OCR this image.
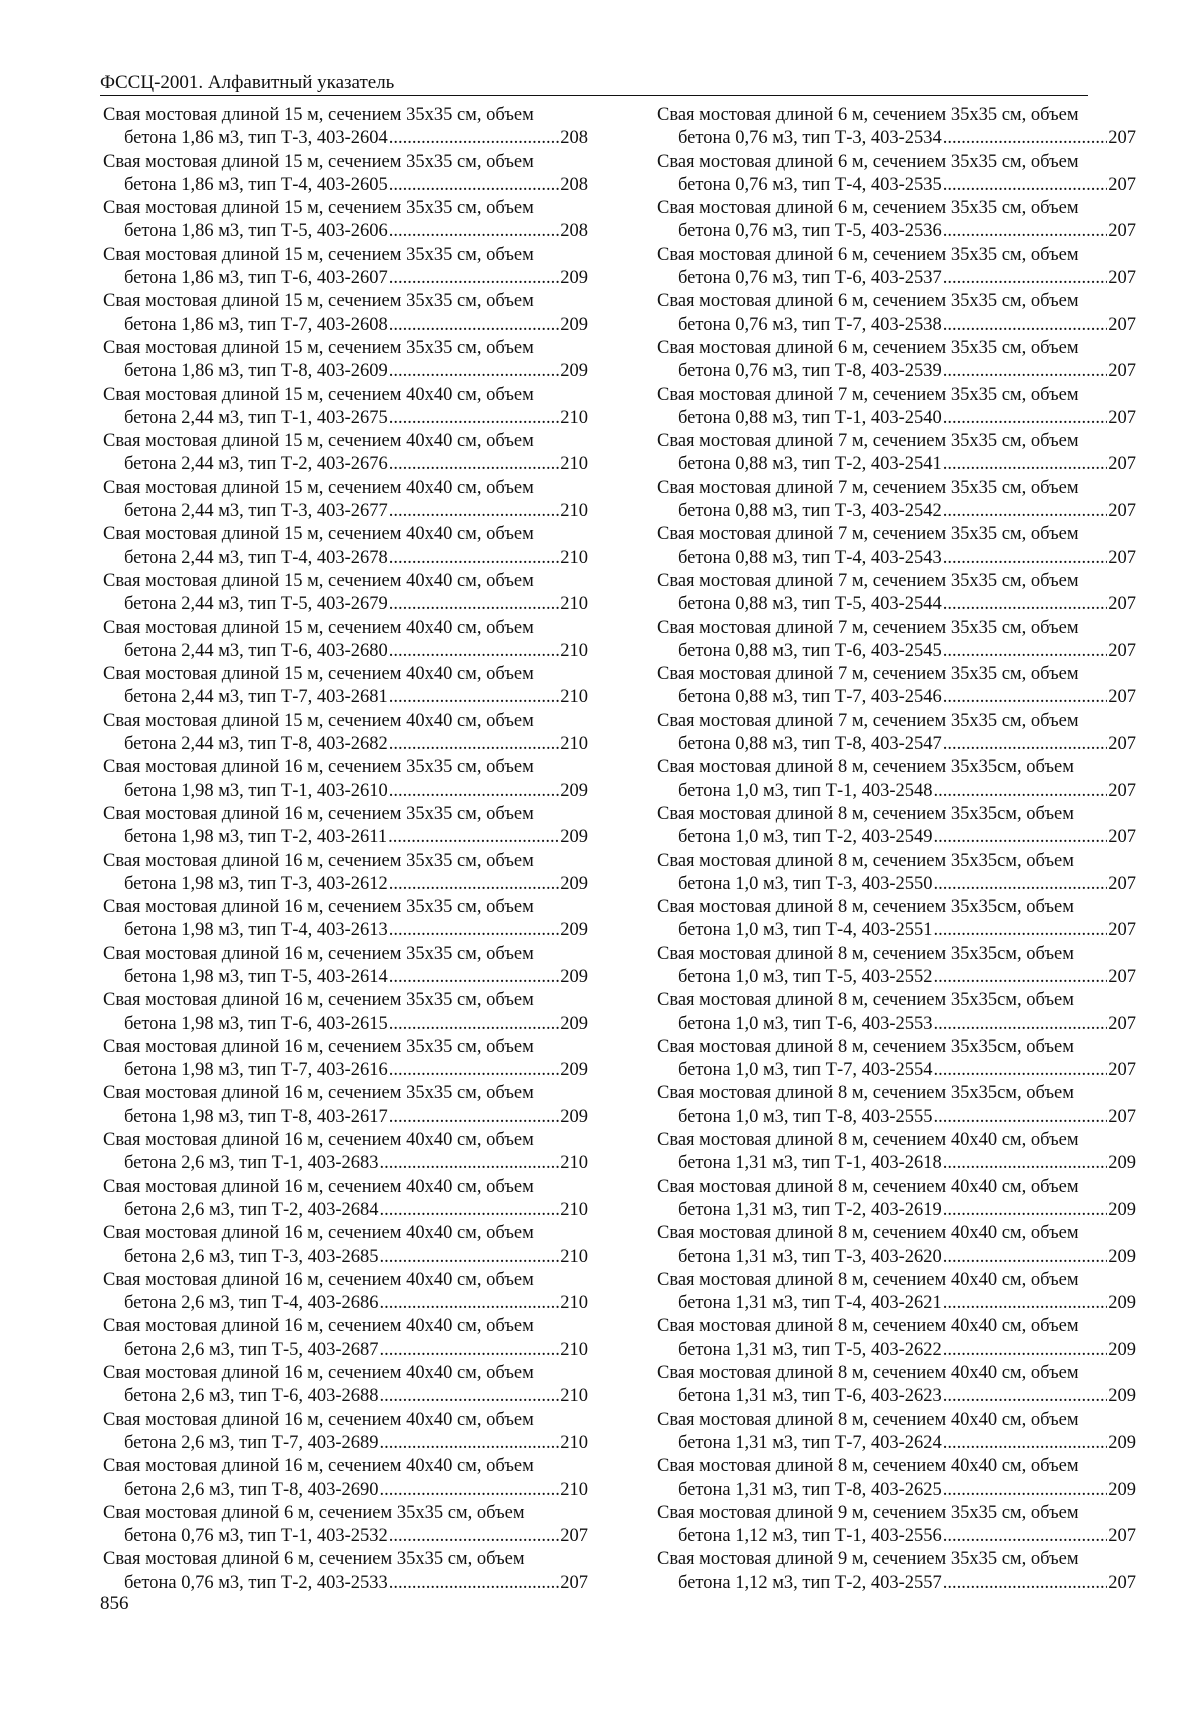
ФССЦ-2001. Алфавитный указатель
Свая мостовая длиной 15 м, сечением 35х35 см, объем
бетона 1,86 м3, тип Т-3, 403-2604 .....	208
Свая мостовая длиной 15 м, сечением 35х35 см, объем
бетона 1,86 м3, тип Т-4, 403-2605 .....	208
Свая мостовая длиной 15 м, сечением 35х35 см, объем
бетона 1,86 м3, тип Т-5, 403-2606 .....	208
Свая мостовая длиной 15 м, сечением 35х35 см, объем
бетона 1,86 м3, тип Т-6, 403-2607 .....	209
Свая мостовая длиной 15 м, сечением 35х35 см, объем
бетона 1,86 м3, тип Т-7, 403-2608 .....	209
Свая мостовая длиной 15 м, сечением 35х35 см, объем
бетона 1,86 м3, тип Т-8, 403-2609 .....	209
Свая мостовая длиной 15 м, сечением 40х40 см, объем
бетона 2,44 м3, тип Т-1, 403-2675 .....	210
Свая мостовая длиной 15 м, сечением 40х40 см, объем
бетона 2,44 м3, тип Т-2, 403-2676 .....	210
Свая мостовая длиной 15 м, сечением 40х40 см, объем
бетона 2,44 м3, тип Т-3, 403-2677 .....	210
Свая мостовая длиной 15 м, сечением 40х40 см, объем
бетона 2,44 м3, тип Т-4, 403-2678 .....	210
Свая мостовая длиной 15 м, сечением 40х40 см, объем
бетона 2,44 м3, тип Т-5, 403-2679 .....	210
Свая мостовая длиной 15 м, сечением 40х40 см, объем
бетона 2,44 м3, тип Т-6, 403-2680 .....	210
Свая мостовая длиной 15 м, сечением 40х40 см, объем
бетона 2,44 м3, тип Т-7, 403-2681 .....	210
Свая мостовая длиной 15 м, сечением 40х40 см, объем
бетона 2,44 м3, тип Т-8, 403-2682 .....	210
Свая мостовая длиной 16 м, сечением 35х35 см, объем
бетона 1,98 м3, тип Т-1, 403-2610 .....	209
Свая мостовая длиной 16 м, сечением 35х35 см, объем
бетона 1,98 м3, тип Т-2, 403-2611 .....	209
Свая мостовая длиной 16 м, сечением 35х35 см, объем
бетона 1,98 м3, тип Т-3, 403-2612 .....	209
Свая мостовая длиной 16 м, сечением 35х35 см, объем
бетона 1,98 м3, тип Т-4, 403-2613 .....	209
Свая мостовая длиной 16 м, сечением 35х35 см, объем
бетона 1,98 м3, тип Т-5, 403-2614 .....	209
Свая мостовая длиной 16 м, сечением 35х35 см, объем
бетона 1,98 м3, тип Т-6, 403-2615 .....	209
Свая мостовая длиной 16 м, сечением 35х35 см, объем
бетона 1,98 м3, тип Т-7, 403-2616 .....	209
Свая мостовая длиной 16 м, сечением 35х35 см, объем
бетона 1,98 м3, тип Т-8, 403-2617 .....	209
Свая мостовая длиной 16 м, сечением 40х40 см, объем
бетона 2,6 м3, тип Т-1, 403-2683 .....	210
Свая мостовая длиной 16 м, сечением 40х40 см, объем
бетона 2,6 м3, тип Т-2, 403-2684 .....	210
Свая мостовая длиной 16 м, сечением 40х40 см, объем
бетона 2,6 м3, тип Т-3, 403-2685 .....	210
Свая мостовая длиной 16 м, сечением 40х40 см, объем
бетона 2,6 м3, тип Т-4, 403-2686 .....	210
Свая мостовая длиной 16 м, сечением 40х40 см, объем
бетона 2,6 м3, тип Т-5, 403-2687 .....	210
Свая мостовая длиной 16 м, сечением 40х40 см, объем
бетона 2,6 м3, тип Т-6, 403-2688 .....	210
Свая мостовая длиной 16 м, сечением 40х40 см, объем
бетона 2,6 м3, тип Т-7, 403-2689 .....	210
Свая мостовая длиной 16 м, сечением 40х40 см, объем
бетона 2,6 м3, тип Т-8, 403-2690 .....	210
Свая мостовая длиной 6 м, сечением 35х35 см, объем
бетона 0,76 м3, тип Т-1, 403-2532 .....	207
Свая мостовая длиной 6 м, сечением 35х35 см, объем
бетона 0,76 м3, тип Т-2, 403-2533 .....	207
Свая мостовая длиной 6 м, сечением 35х35 см, объем
бетона 0,76 м3, тип Т-3, 403-2534 .....	207
Свая мостовая длиной 6 м, сечением 35х35 см, объем
бетона 0,76 м3, тип Т-4, 403-2535 .....	207
Свая мостовая длиной 6 м, сечением 35х35 см, объем
бетона 0,76 м3, тип Т-5, 403-2536 .....	207
Свая мостовая длиной 6 м, сечением 35х35 см, объем
бетона 0,76 м3, тип Т-6, 403-2537 .....	207
Свая мостовая длиной 6 м, сечением 35х35 см, объем
бетона 0,76 м3, тип Т-7, 403-2538 .....	207
Свая мостовая длиной 6 м, сечением 35х35 см, объем
бетона 0,76 м3, тип Т-8, 403-2539 .....	207
Свая мостовая длиной 7 м, сечением 35х35 см, объем
бетона 0,88 м3, тип Т-1, 403-2540 .....	207
Свая мостовая длиной 7 м, сечением 35х35 см, объем
бетона 0,88 м3, тип Т-2, 403-2541 .....	207
Свая мостовая длиной 7 м, сечением 35х35 см, объем
бетона 0,88 м3, тип Т-3, 403-2542 .....	207
Свая мостовая длиной 7 м, сечением 35х35 см, объем
бетона 0,88 м3, тип Т-4, 403-2543 .....	207
Свая мостовая длиной 7 м, сечением 35х35 см, объем
бетона 0,88 м3, тип Т-5, 403-2544 .....	207
Свая мостовая длиной 7 м, сечением 35х35 см, объем
бетона 0,88 м3, тип Т-6, 403-2545 .....	207
Свая мостовая длиной 7 м, сечением 35х35 см, объем
бетона 0,88 м3, тип Т-7, 403-2546 .....	207
Свая мостовая длиной 7 м, сечением 35х35 см, объем
бетона 0,88 м3, тип Т-8, 403-2547 .....	207
Свая мостовая длиной 8 м, сечением 35х35см, объем
бетона 1,0 м3, тип Т-1, 403-2548 .....	207
Свая мостовая длиной 8 м, сечением 35х35см, объем
бетона 1,0 м3, тип Т-2, 403-2549 .....	207
Свая мостовая длиной 8 м, сечением 35х35см, объем
бетона 1,0 м3, тип Т-3, 403-2550 .....	207
Свая мостовая длиной 8 м, сечением 35х35см, объем
бетона 1,0 м3, тип Т-4, 403-2551 .....	207
Свая мостовая длиной 8 м, сечением 35х35см, объем
бетона 1,0 м3, тип Т-5, 403-2552 .....	207
Свая мостовая длиной 8 м, сечением 35х35см, объем
бетона 1,0 м3, тип Т-6, 403-2553 .....	207
Свая мостовая длиной 8 м, сечением 35х35см, объем
бетона 1,0 м3, тип Т-7, 403-2554 .....	207
Свая мостовая длиной 8 м, сечением 35х35см, объем
бетона 1,0 м3, тип Т-8, 403-2555 .....	207
Свая мостовая длиной 8 м, сечением 40х40 см, объем
бетона 1,31 м3, тип Т-1, 403-2618 .....	209
Свая мостовая длиной 8 м, сечением 40х40 см, объем
бетона 1,31 м3, тип Т-2, 403-2619 .....	209
Свая мостовая длиной 8 м, сечением 40х40 см, объем
бетона 1,31 м3, тип Т-3, 403-2620 .....	209
Свая мостовая длиной 8 м, сечением 40х40 см, объем
бетона 1,31 м3, тип Т-4, 403-2621 .....	209
Свая мостовая длиной 8 м, сечением 40х40 см, объем
бетона 1,31 м3, тип Т-5, 403-2622 .....	209
Свая мостовая длиной 8 м, сечением 40х40 см, объем
бетона 1,31 м3, тип Т-6, 403-2623 .....	209
Свая мостовая длиной 8 м, сечением 40х40 см, объем
бетона 1,31 м3, тип Т-7, 403-2624 .....	209
Свая мостовая длиной 8 м, сечением 40х40 см, объем
бетона 1,31 м3, тип Т-8, 403-2625 .....	209
Свая мостовая длиной 9 м, сечением 35х35 см, объем
бетона 1,12 м3, тип Т-1, 403-2556 .....	207
Свая мостовая длиной 9 м, сечением 35х35 см, объем
бетона 1,12 м3, тип Т-2, 403-2557 .....	207
856
